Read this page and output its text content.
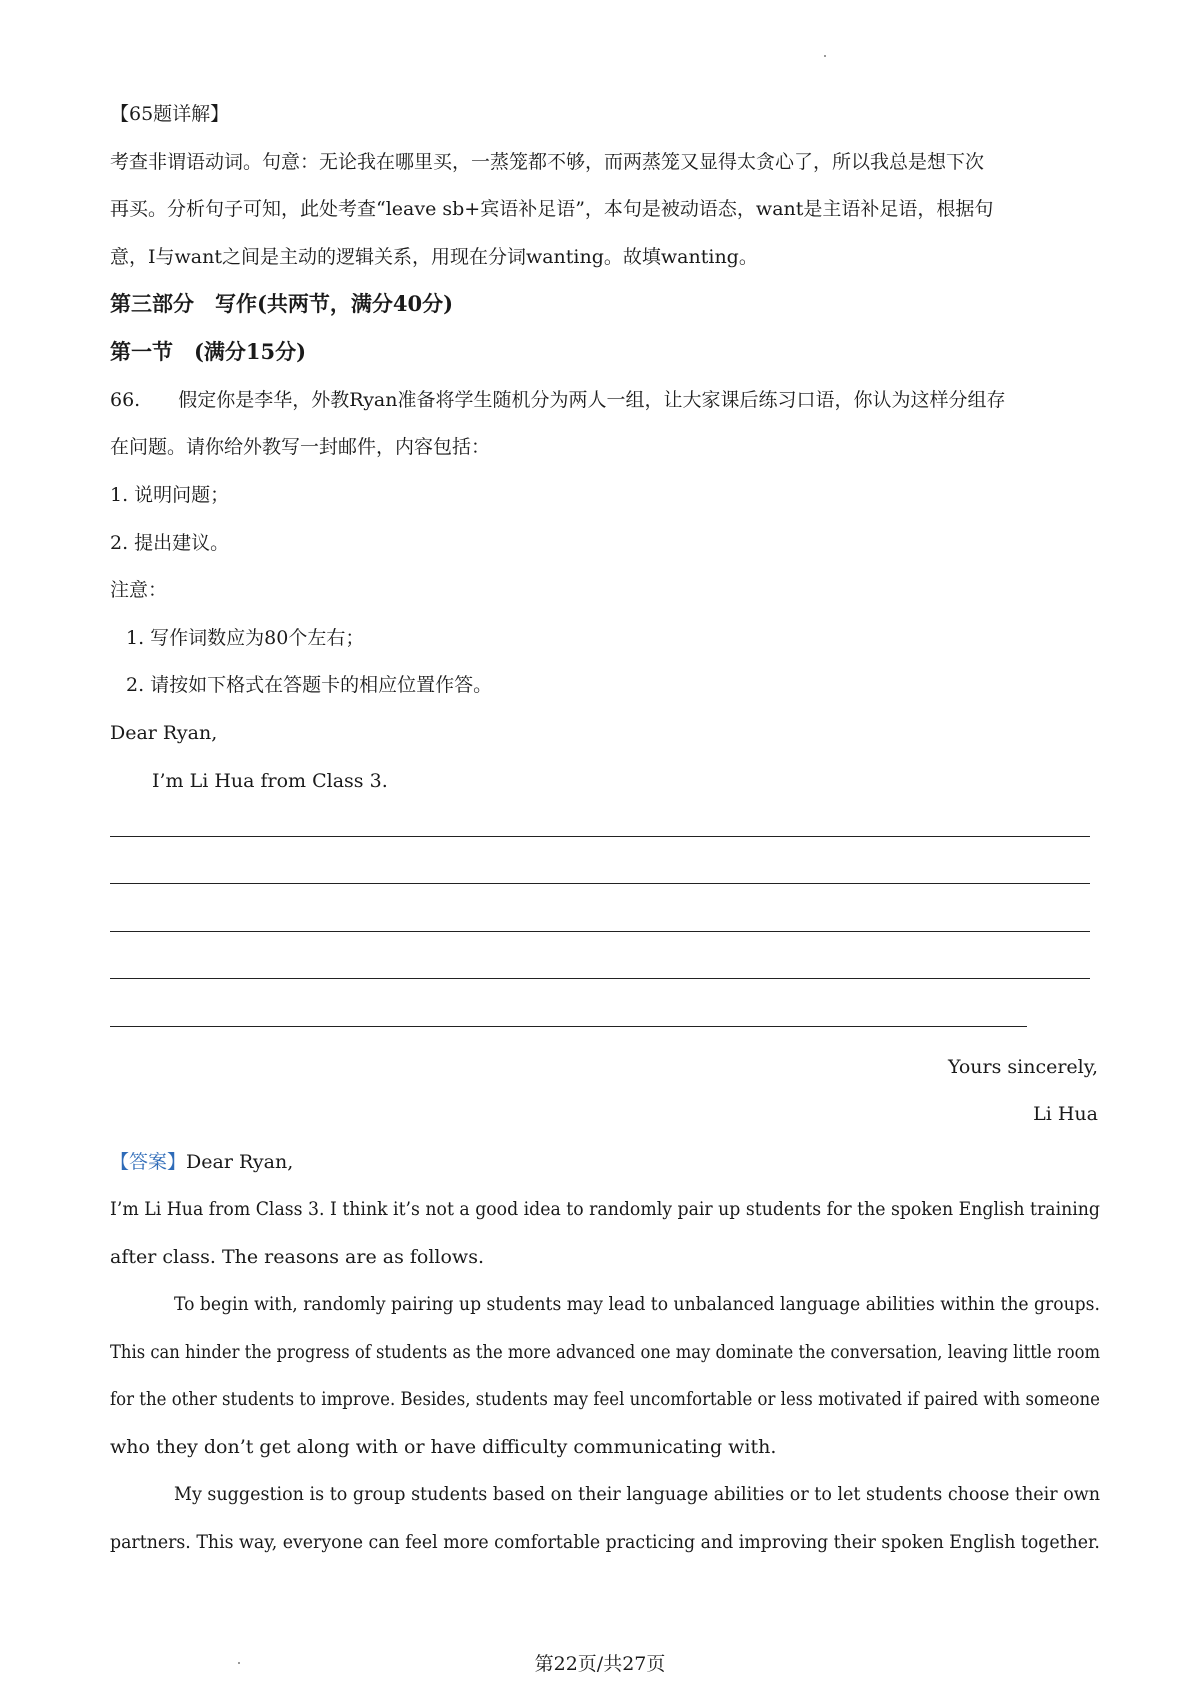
【65题详解】
考查非谓语动词。句意：无论我在哪里买，一蒸笼都不够，而两蒸笼又显得太贪心了，所以我总是想下次
再买。分析句子可知，此处考查“leave sb+宾语补足语”，本句是被动语态，want是主语补足语，根据句
意，I与want之间是主动的逻辑关系，用现在分词wanting。故填wanting。
第三部分　写作(共两节，满分40分)
第一节　(满分15分)
66.　　假定你是李华，外教Ryan准备将学生随机分为两人一组，让大家课后练习口语，你认为这样分组存
在问题。请你给外教写一封邮件，内容包括：
1. 说明问题；
2. 提出建议。
注意：
1. 写作词数应为80个左右；
2. 请按如下格式在答题卡的相应位置作答。
Dear Ryan,
I’m Li Hua from Class 3.
Yours sincerely,
Li Hua
【答案】Dear Ryan,
I’m Li Hua from Class 3. I think it’s not a good idea to randomly pair up students for the spoken English training
after class. The reasons are as follows.
To begin with, randomly pairing up students may lead to unbalanced language abilities within the groups.
This can hinder the progress of students as the more advanced one may dominate the conversation, leaving little room
for the other students to improve. Besides, students may feel uncomfortable or less motivated if paired with someone
who they don’t get along with or have difficulty communicating with.
My suggestion is to group students based on their language abilities or to let students choose their own
partners. This way, everyone can feel more comfortable practicing and improving their spoken English together.
第22页/共27页
